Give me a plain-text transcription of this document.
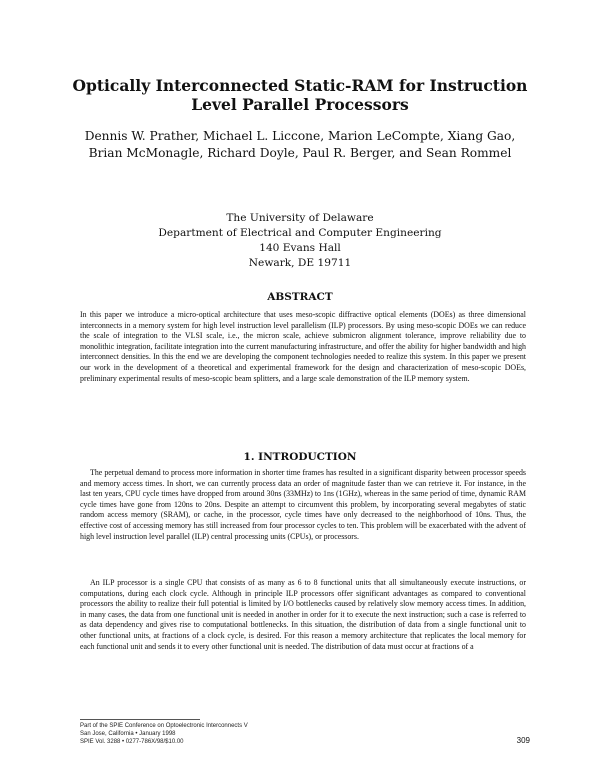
Optically Interconnected Static-RAM for Instruction Level Parallel Processors
Dennis W. Prather, Michael L. Liccone, Marion LeCompte, Xiang Gao,
Brian McMonagle, Richard Doyle, Paul R. Berger, and Sean Rommel
The University of Delaware
Department of Electrical and Computer Engineering
140 Evans Hall
Newark, DE 19711
ABSTRACT

In this paper we introduce a micro-optical architecture that uses meso-scopic diffractive optical elements (DOEs) as three dimensional interconnects in a memory system for high level instruction level parallelism (ILP) processors. By using meso-scopic DOEs we can reduce the scale of integration to the VLSI scale, i.e., the micron scale, achieve submicron alignment tolerance, improve reliability due to monolithic integration, facilitate integration into the current manufacturing infrastructure, and offer the ability for higher bandwidth and high interconnect densities. In this the end we are developing the component technologies needed to realize this system. In this paper we present our work in the development of a theoretical and experimental framework for the design and characterization of meso-scopic DOEs, preliminary experimental results of meso-scopic beam splitters, and a large scale demonstration of the ILP memory system.

1. INTRODUCTION

The perpetual demand to process more information in shorter time frames has resulted in a significant disparity between processor speeds and memory access times. In short, we can currently process data an order of magnitude faster than we can retrieve it. For instance, in the last ten years, CPU cycle times have dropped from around 30ns (33MHz) to 1ns (1GHz), whereas in the same period of time, dynamic RAM cycle times have gone from 120ns to 20ns. Despite an attempt to circumvent this problem, by incorporating several megabytes of static random access memory (SRAM), or cache, in the processor, cycle times have only decreased to the neighborhood of 10ns. Thus, the effective cost of accessing memory has still increased from four processor cycles to ten. This problem will be exacerbated with the advent of high level instruction level parallel (ILP) central processing units (CPUs), or processors.

An ILP processor is a single CPU that consists of as many as 6 to 8 functional units that all simultaneously execute instructions, or computations, during each clock cycle. Although in principle ILP processors offer significant advantages as compared to conventional processors the ability to realize their full potential is limited by I/O bottlenecks caused by relatively slow memory access times. In addition, in many cases, the data from one functional unit is needed in another in order for it to execute the next instruction; such a case is referred to as data dependency and gives rise to computational bottlenecks. In this situation, the distribution of data from a single functional unit to other functional units, at fractions of a clock cycle, is desired. For this reason a memory architecture that replicates the local memory for each functional unit and sends it to every other functional unit is needed. The distribution of data must occur at fractions of a

Part of the SPIE Conference on Optoelectronic Interconnects V
San Jose, California • January 1998
SPIE Vol. 3288 • 0277-786X/98/$10.00	309
